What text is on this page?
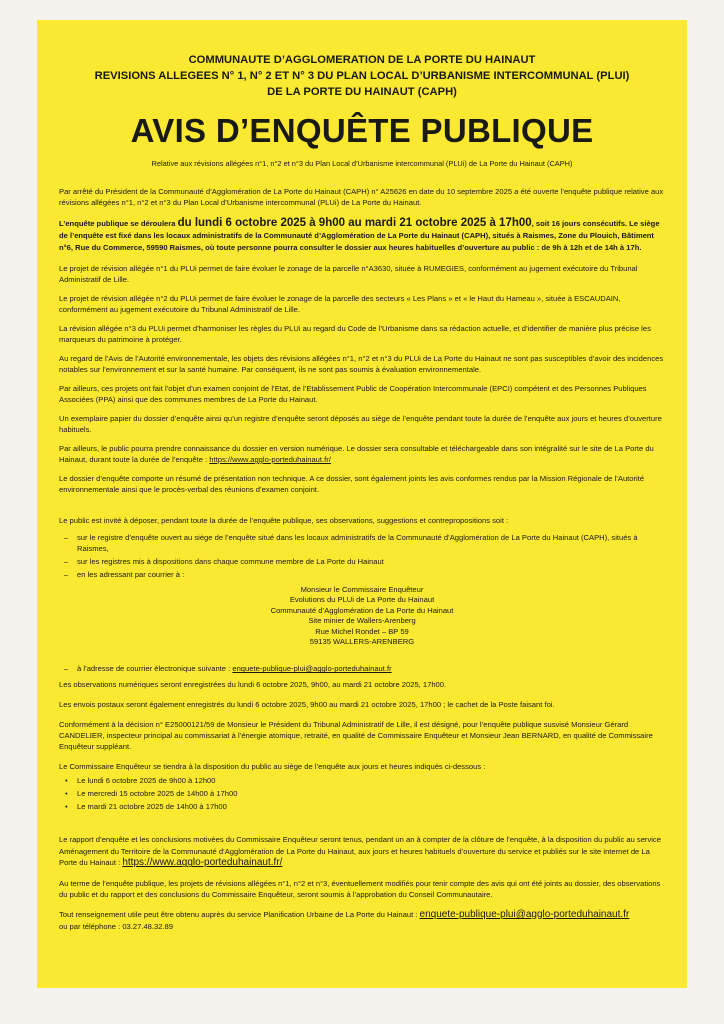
COMMUNAUTE D’AGGLOMERATION DE LA PORTE DU HAINAUT
REVISIONS ALLEGEES N° 1, N° 2 ET N° 3 DU PLAN LOCAL D’URBANISME INTERCOMMUNAL (PLUI)
DE LA PORTE DU HAINAUT (CAPH)
AVIS D’ENQUÊTE PUBLIQUE
Relative aux révisions allégées n°1, n°2 et n°3 du Plan Local d’Urbanisme intercommunal (PLUi) de La Porte du Hainaut (CAPH)

Par arrêté du Président de la Communauté d’Agglomération de La Porte du Hainaut (CAPH) n° A25626 en date du 10 septembre 2025 a été ouverte l’enquête publique relative aux révisions allégées n°1, n°2 et n°3 du Plan Local d’Urbanisme intercommunal (PLUi) de La Porte du Hainaut.

L’enquête publique se déroulera du lundi 6 octobre 2025 à 9h00 au mardi 21 octobre 2025 à 17h00, soit 16 jours consécutifs. Le siège de l’enquête est fixé dans les locaux administratifs de la Communauté d’Agglomération de La Porte du Hainaut (CAPH), situés à Raismes, Zone du Plouich, Bâtiment n°6, Rue du Commerce, 59590 Raismes, où toute personne pourra consulter le dossier aux heures habituelles d’ouverture au public : de 9h à 12h et de 14h à 17h.

Le projet de révision allégée n°1 du PLUi permet de faire évoluer le zonage de la parcelle n°A3630, située à RUMEGIES, conformément au jugement exécutoire du Tribunal Administratif de Lille.

Le projet de révision allégée n°2 du PLUi permet de faire évoluer le zonage de la parcelle des secteurs « Les Plans » et « le Haut du Hameau », située à ESCAUDAIN, conformément au jugement exécutoire du Tribunal Administratif de Lille.

La révision allégée n°3 du PLUi permet d’harmoniser les règles du PLUi au regard du Code de l’Urbanisme dans sa rédaction actuelle, et d’identifier de manière plus précise les marqueurs du patrimoine à protéger.

Au regard de l’Avis de l’Autorité environnementale, les objets des révisions allégées n°1, n°2 et n°3 du PLUi de La Porte du Hainaut ne sont pas susceptibles d’avoir des incidences notables sur l’environnement et sur la santé humaine. Par conséquent, ils ne sont pas soumis à évaluation environnementale.

Par ailleurs, ces projets ont fait l’objet d’un examen conjoint de l’Etat, de l’Etablissement Public de Coopération Intercommunale (EPCI) compétent et des Personnes Publiques Associées (PPA) ainsi que des communes membres de La Porte du Hainaut.

Un exemplaire papier du dossier d’enquête ainsi qu’un registre d’enquête seront déposés au siège de l’enquête pendant toute la durée de l’enquête aux jours et heures d’ouverture habituels.

Par ailleurs, le public pourra prendre connaissance du dossier en version numérique. Le dossier sera consultable et téléchargeable dans son intégralité sur le site de La Porte du Hainaut, durant toute la durée de l’enquête : https://www.agglo-porteduhainaut.fr/

Le dossier d’enquête comporte un résumé de présentation non technique. A ce dossier, sont également joints les avis conformes rendus par la Mission Régionale de l’Autorité environnementale ainsi que le procès-verbal des réunions d’examen conjoint.

Le public est invité à déposer, pendant toute la durée de l’enquête publique, ses observations, suggestions et contrepropositions soit :

– sur le registre d’enquête ouvert au siège de l’enquête situé dans les locaux administratifs de la Communauté d’Agglomération de La Porte du Hainaut (CAPH), situés à Raismes,
– sur les registres mis à dispositions dans chaque commune membre de La Porte du Hainaut
– en les adressant par courrier à :
Monsieur le Commissaire Enquêteur
Evolutions du PLUi de La Porte du Hainaut
Communauté d’Agglomération de La Porte du Hainaut
Site minier de Wallers-Arenberg
Rue Michel Rondet – BP 59
59135 WALLERS-ARENBERG
– à l’adresse de courrier électronique suivante : enquete-publique-plui@agglo-porteduhainaut.fr

Les observations numériques seront enregistrées du lundi 6 octobre 2025, 9h00, au mardi 21 octobre 2025, 17h00.

Les envois postaux seront également enregistrés du lundi 6 octobre 2025, 9h00 au mardi 21 octobre 2025, 17h00 ; le cachet de la Poste faisant foi.

Conformément à la décision n° E25000121/59 de Monsieur le Président du Tribunal Administratif de Lille, il est désigné, pour l’enquête publique susvisé Monsieur Gérard CANDELIER, inspecteur principal au commissariat à l’énergie atomique, retraité, en qualité de Commissaire Enquêteur et Monsieur Jean BERNARD, en qualité de Commissaire Enquêteur suppléant.

Le Commissaire Enquêteur se tiendra à la disposition du public au siège de l’enquête aux jours et heures indiqués ci-dessous :

• Le lundi 6 octobre 2025 de 9h00 à 12h00
• Le mercredi 15 octobre 2025 de 14h00 à 17h00
• Le mardi 21 octobre 2025 de 14h00 à 17h00

Le rapport d’enquête et les conclusions motivées du Commissaire Enquêteur seront tenus, pendant un an à compter de la clôture de l’enquête, à la disposition du public au service Aménagement du Territoire de la Communauté d’Agglomération de La Porte du Hainaut, aux jours et heures habituels d’ouverture du service et publiés sur le site internet de La Porte du Hainaut : https://www.agglo-porteduhainaut.fr/

Au terme de l’enquête publique, les projets de révisions allégées n°1, n°2 et n°3, éventuellement modifiés pour tenir compte des avis qui ont été joints au dossier, des observations du public et du rapport et des conclusions du Commissaire Enquêteur, seront soumis à l’approbation du Conseil Communautaire.

Tout renseignement utile peut être obtenu auprès du service Planification Urbaine de La Porte du Hainaut : enquete-publique-plui@agglo-porteduhainaut.fr

ou par téléphone : 03.27.48.32.89
